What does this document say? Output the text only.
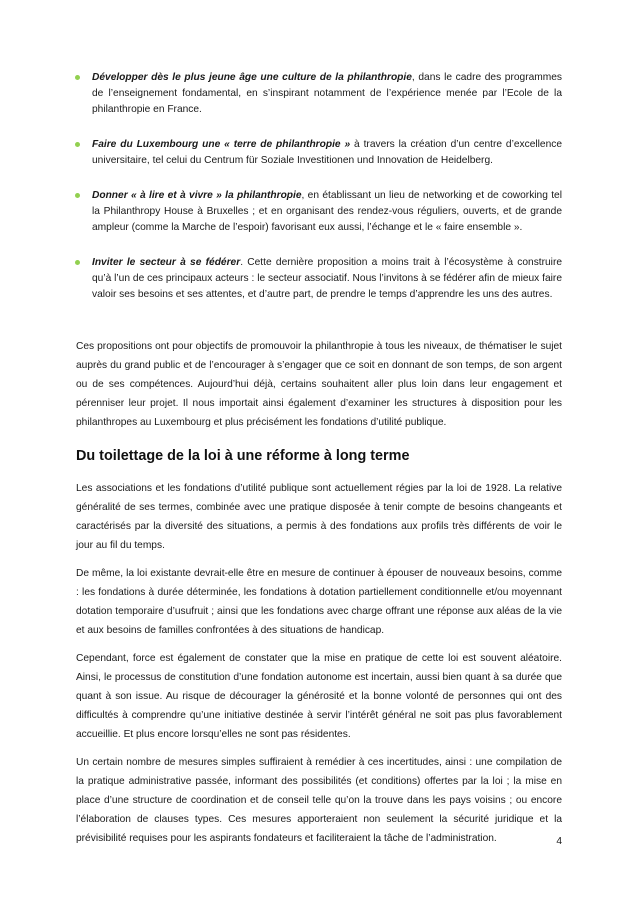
Développer dès le plus jeune âge une culture de la philanthropie, dans le cadre des programmes de l’enseignement fondamental, en s’inspirant notamment de l’expérience menée par l’Ecole de la philanthropie en France.
Faire du Luxembourg une « terre de philanthropie » à travers la création d’un centre d’excellence universitaire, tel celui du Centrum für Soziale Investitionen und Innovation de Heidelberg.
Donner « à lire et à vivre » la philanthropie, en établissant un lieu de networking et de coworking tel la Philanthropy House à Bruxelles ; et en organisant des rendez-vous réguliers, ouverts, et de grande ampleur (comme la Marche de l’espoir) favorisant eux aussi, l’échange et le « faire ensemble ».
Inviter le secteur à se fédérer. Cette dernière proposition a moins trait à l’écosystème à construire qu’à l’un de ces principaux acteurs : le secteur associatif. Nous l’invitons à se fédérer afin de mieux faire valoir ses besoins et ses attentes, et d’autre part, de prendre le temps d’apprendre les uns des autres.

Ces propositions ont pour objectifs de promouvoir la philanthropie à tous les niveaux, de thématiser le sujet auprès du grand public et de l’encourager à s’engager que ce soit en donnant de son temps, de son argent ou de ses compétences. Aujourd’hui déjà, certains souhaitent aller plus loin dans leur engagement et pérenniser leur projet. Il nous importait ainsi également d’examiner les structures à disposition pour les philanthropes au Luxembourg et plus précisément les fondations d’utilité publique.

Du toilettage de la loi à une réforme à long terme

Les associations et les fondations d’utilité publique sont actuellement régies par la loi de 1928. La relative généralité de ses termes, combinée avec une pratique disposée à tenir compte de besoins changeants et caractérisés par la diversité des situations, a permis à des fondations aux profils très différents de voir le jour au fil du temps.

De même, la loi existante devrait-elle être en mesure de continuer à épouser de nouveaux besoins, comme : les fondations à durée déterminée, les fondations à dotation partiellement conditionnelle et/ou moyennant dotation temporaire d’usufruit ; ainsi que les fondations avec charge offrant une réponse aux aléas de la vie et aux besoins de familles confrontées à des situations de handicap.

Cependant, force est également de constater que la mise en pratique de cette loi est souvent aléatoire. Ainsi, le processus de constitution d’une fondation autonome est incertain, aussi bien quant à sa durée que quant à son issue. Au risque de décourager la générosité et la bonne volonté de personnes qui ont des difficultés à comprendre qu’une initiative destinée à servir l’intérêt général ne soit pas plus favorablement accueillie. Et plus encore lorsqu’elles ne sont pas résidentes.

Un certain nombre de mesures simples suffiraient à remédier à ces incertitudes, ainsi : une compilation de la pratique administrative passée, informant des possibilités (et conditions) offertes par la loi ; la mise en place d’une structure de coordination et de conseil telle qu’on la trouve dans les pays voisins ; ou encore l’élaboration de clauses types. Ces mesures apporteraient non seulement la sécurité juridique et la prévisibilité requises pour les aspirants fondateurs et faciliteraient la tâche de l’administration.	4
